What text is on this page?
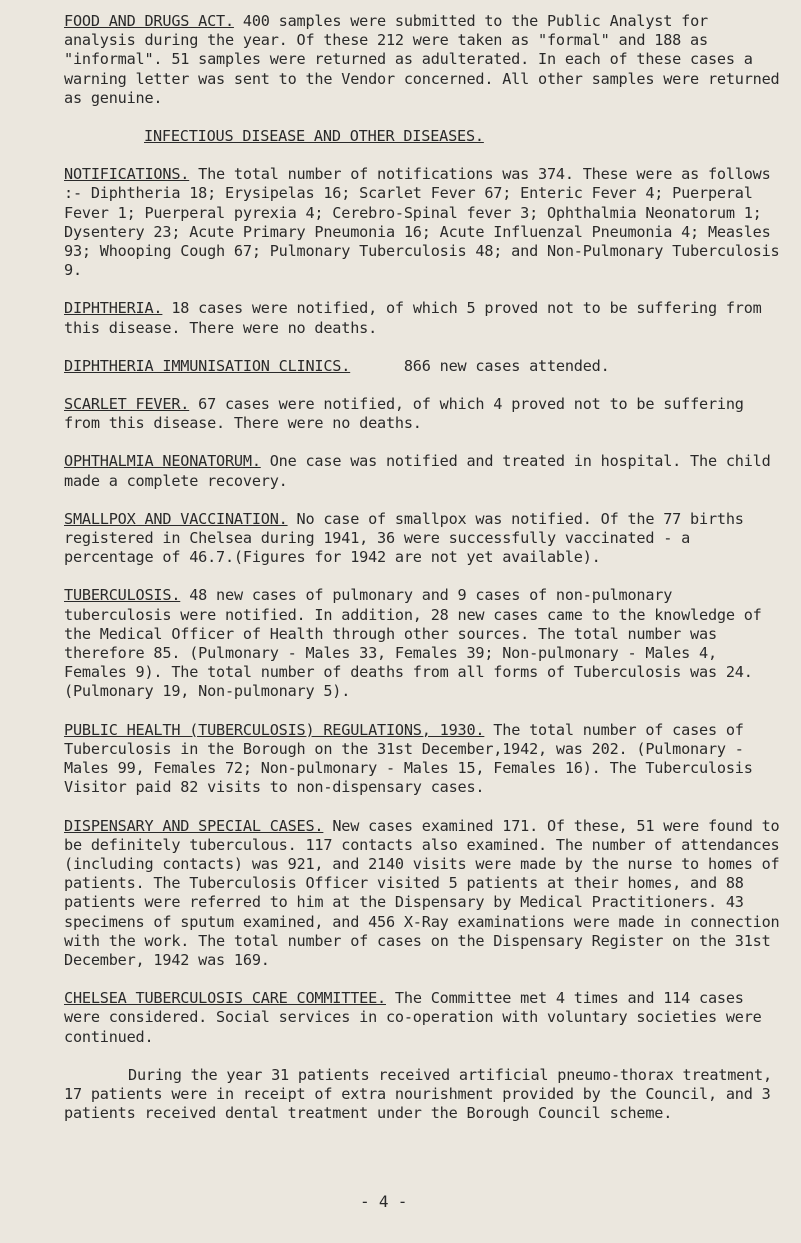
FOOD AND DRUGS ACT. 400 samples were submitted to the Public Analyst for analysis during the year. Of these 212 were taken as "formal" and 188 as "informal". 51 samples were returned as adulterated. In each of these cases a warning letter was sent to the Vendor concerned. All other samples were returned as genuine.

INFECTIOUS DISEASE AND OTHER DISEASES.

NOTIFICATIONS. The total number of notifications was 374. These were as follows :- Diphtheria 18; Erysipelas 16; Scarlet Fever 67; Enteric Fever 4; Puerperal Fever 1; Puerperal pyrexia 4; Cerebro-Spinal fever 3; Ophthalmia Neonatorum 1; Dysentery 23; Acute Primary Pneumonia 16; Acute Influenzal Pneumonia 4; Measles 93; Whooping Cough 67; Pulmonary Tuberculosis 48; and Non-Pulmonary Tuberculosis 9.

DIPHTHERIA. 18 cases were notified, of which 5 proved not to be suffering from this disease. There were no deaths.

DIPHTHERIA IMMUNISATION CLINICS.      866 new cases attended.

SCARLET FEVER. 67 cases were notified, of which 4 proved not to be suffering from this disease. There were no deaths.

OPHTHALMIA NEONATORUM. One case was notified and treated in hospital. The child made a complete recovery.

SMALLPOX AND VACCINATION. No case of smallpox was notified. Of the 77 births registered in Chelsea during 1941, 36 were successfully vaccinated - a percentage of 46.7.(Figures for 1942 are not yet available).

TUBERCULOSIS. 48 new cases of pulmonary and 9 cases of non-pulmonary tuberculosis were notified. In addition, 28 new cases came to the knowledge of the Medical Officer of Health through other sources. The total number was therefore 85. (Pulmonary - Males 33, Females 39; Non-pulmonary - Males 4, Females 9). The total number of deaths from all forms of Tuberculosis was 24. (Pulmonary 19, Non-pulmonary 5).

PUBLIC HEALTH (TUBERCULOSIS) REGULATIONS, 1930. The total number of cases of Tuberculosis in the Borough on the 31st December,1942, was 202. (Pulmonary - Males 99, Females 72; Non-pulmonary - Males 15, Females 16). The Tuberculosis Visitor paid 82 visits to non-dispensary cases.

DISPENSARY AND SPECIAL CASES. New cases examined 171. Of these, 51 were found to be definitely tuberculous. 117 contacts also examined. The number of attendances (including contacts) was 921, and 2140 visits were made by the nurse to homes of patients. The Tuberculosis Officer visited 5 patients at their homes, and 88 patients were referred to him at the Dispensary by Medical Practitioners. 43 specimens of sputum examined, and 456 X-Ray examinations were made in connection with the work. The total number of cases on the Dispensary Register on the 31st December, 1942 was 169.

CHELSEA TUBERCULOSIS CARE COMMITTEE. The Committee met 4 times and 114 cases were considered. Social services in co-operation with voluntary societies were continued.

During the year 31 patients received artificial pneumo-thorax treatment, 17 patients were in receipt of extra nourishment provided by the Council, and 3 patients received dental treatment under the Borough Council scheme.

- 4 -
